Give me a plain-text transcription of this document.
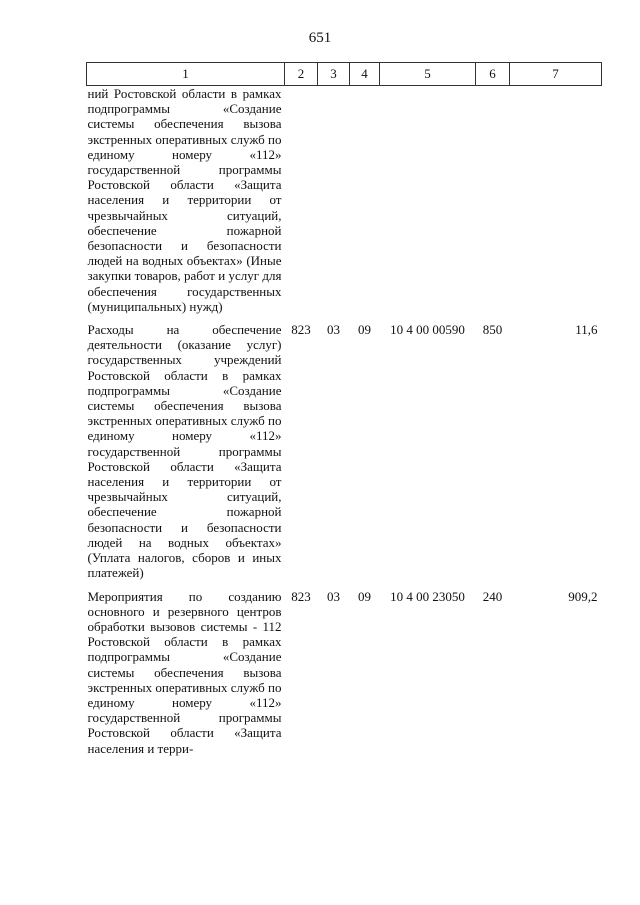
651
1	2	3	4	5	6	7
ний Ростовской области в рамках подпрограммы «Создание системы обеспечения вызова экстренных оперативных служб по единому номеру «112» государственной программы Ростовской области «Защита населения и территории от чрезвычайных ситуаций, обеспечение пожарной безопасности и безопасности людей на водных объектах» (Иные закупки товаров, работ и услуг для обеспечения государственных (муниципальных) нужд)						

Расходы на обеспечение деятельности (оказание услуг) государственных учреждений Ростовской области в рамках подпрограммы «Создание системы обеспечения вызова экстренных оперативных служб по единому номеру «112» государственной программы Ростовской области «Защита населения и территории от чрезвычайных ситуаций, обеспечение пожарной безопасности и безопасности людей на водных объектах» (Уплата налогов, сборов и иных платежей)	823	03	09	10 4 00 00590	850	11,6

Мероприятия по созданию основного и резервного центров обработки вызовов системы - 112 Ростовской области в рамках подпрограммы «Создание системы обеспечения вызова экстренных оперативных служб по единому номеру «112» государственной программы Ростовской области «Защита населения и терри-	823	03	09	10 4 00 23050	240	909,2
